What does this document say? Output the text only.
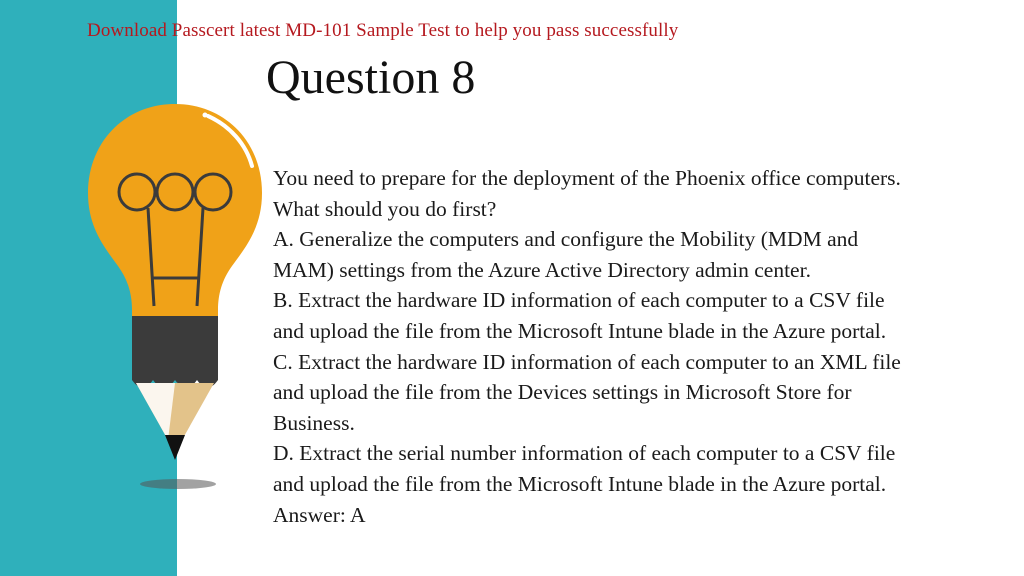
Download Passcert latest MD-101 Sample Test to help you pass successfully
Question 8
You need to prepare for the deployment of the Phoenix office computers.
What should you do first?
A. Generalize the computers and configure the Mobility (MDM and
MAM) settings from the Azure Active Directory admin center.
B. Extract the hardware ID information of each computer to a CSV file
and upload the file from the Microsoft Intune blade in the Azure portal.
C. Extract the hardware ID information of each computer to an XML file
and upload the file from the Devices settings in Microsoft Store for
Business.
D. Extract the serial number information of each computer to a CSV file
and upload the file from the Microsoft Intune blade in the Azure portal.
Answer: A
